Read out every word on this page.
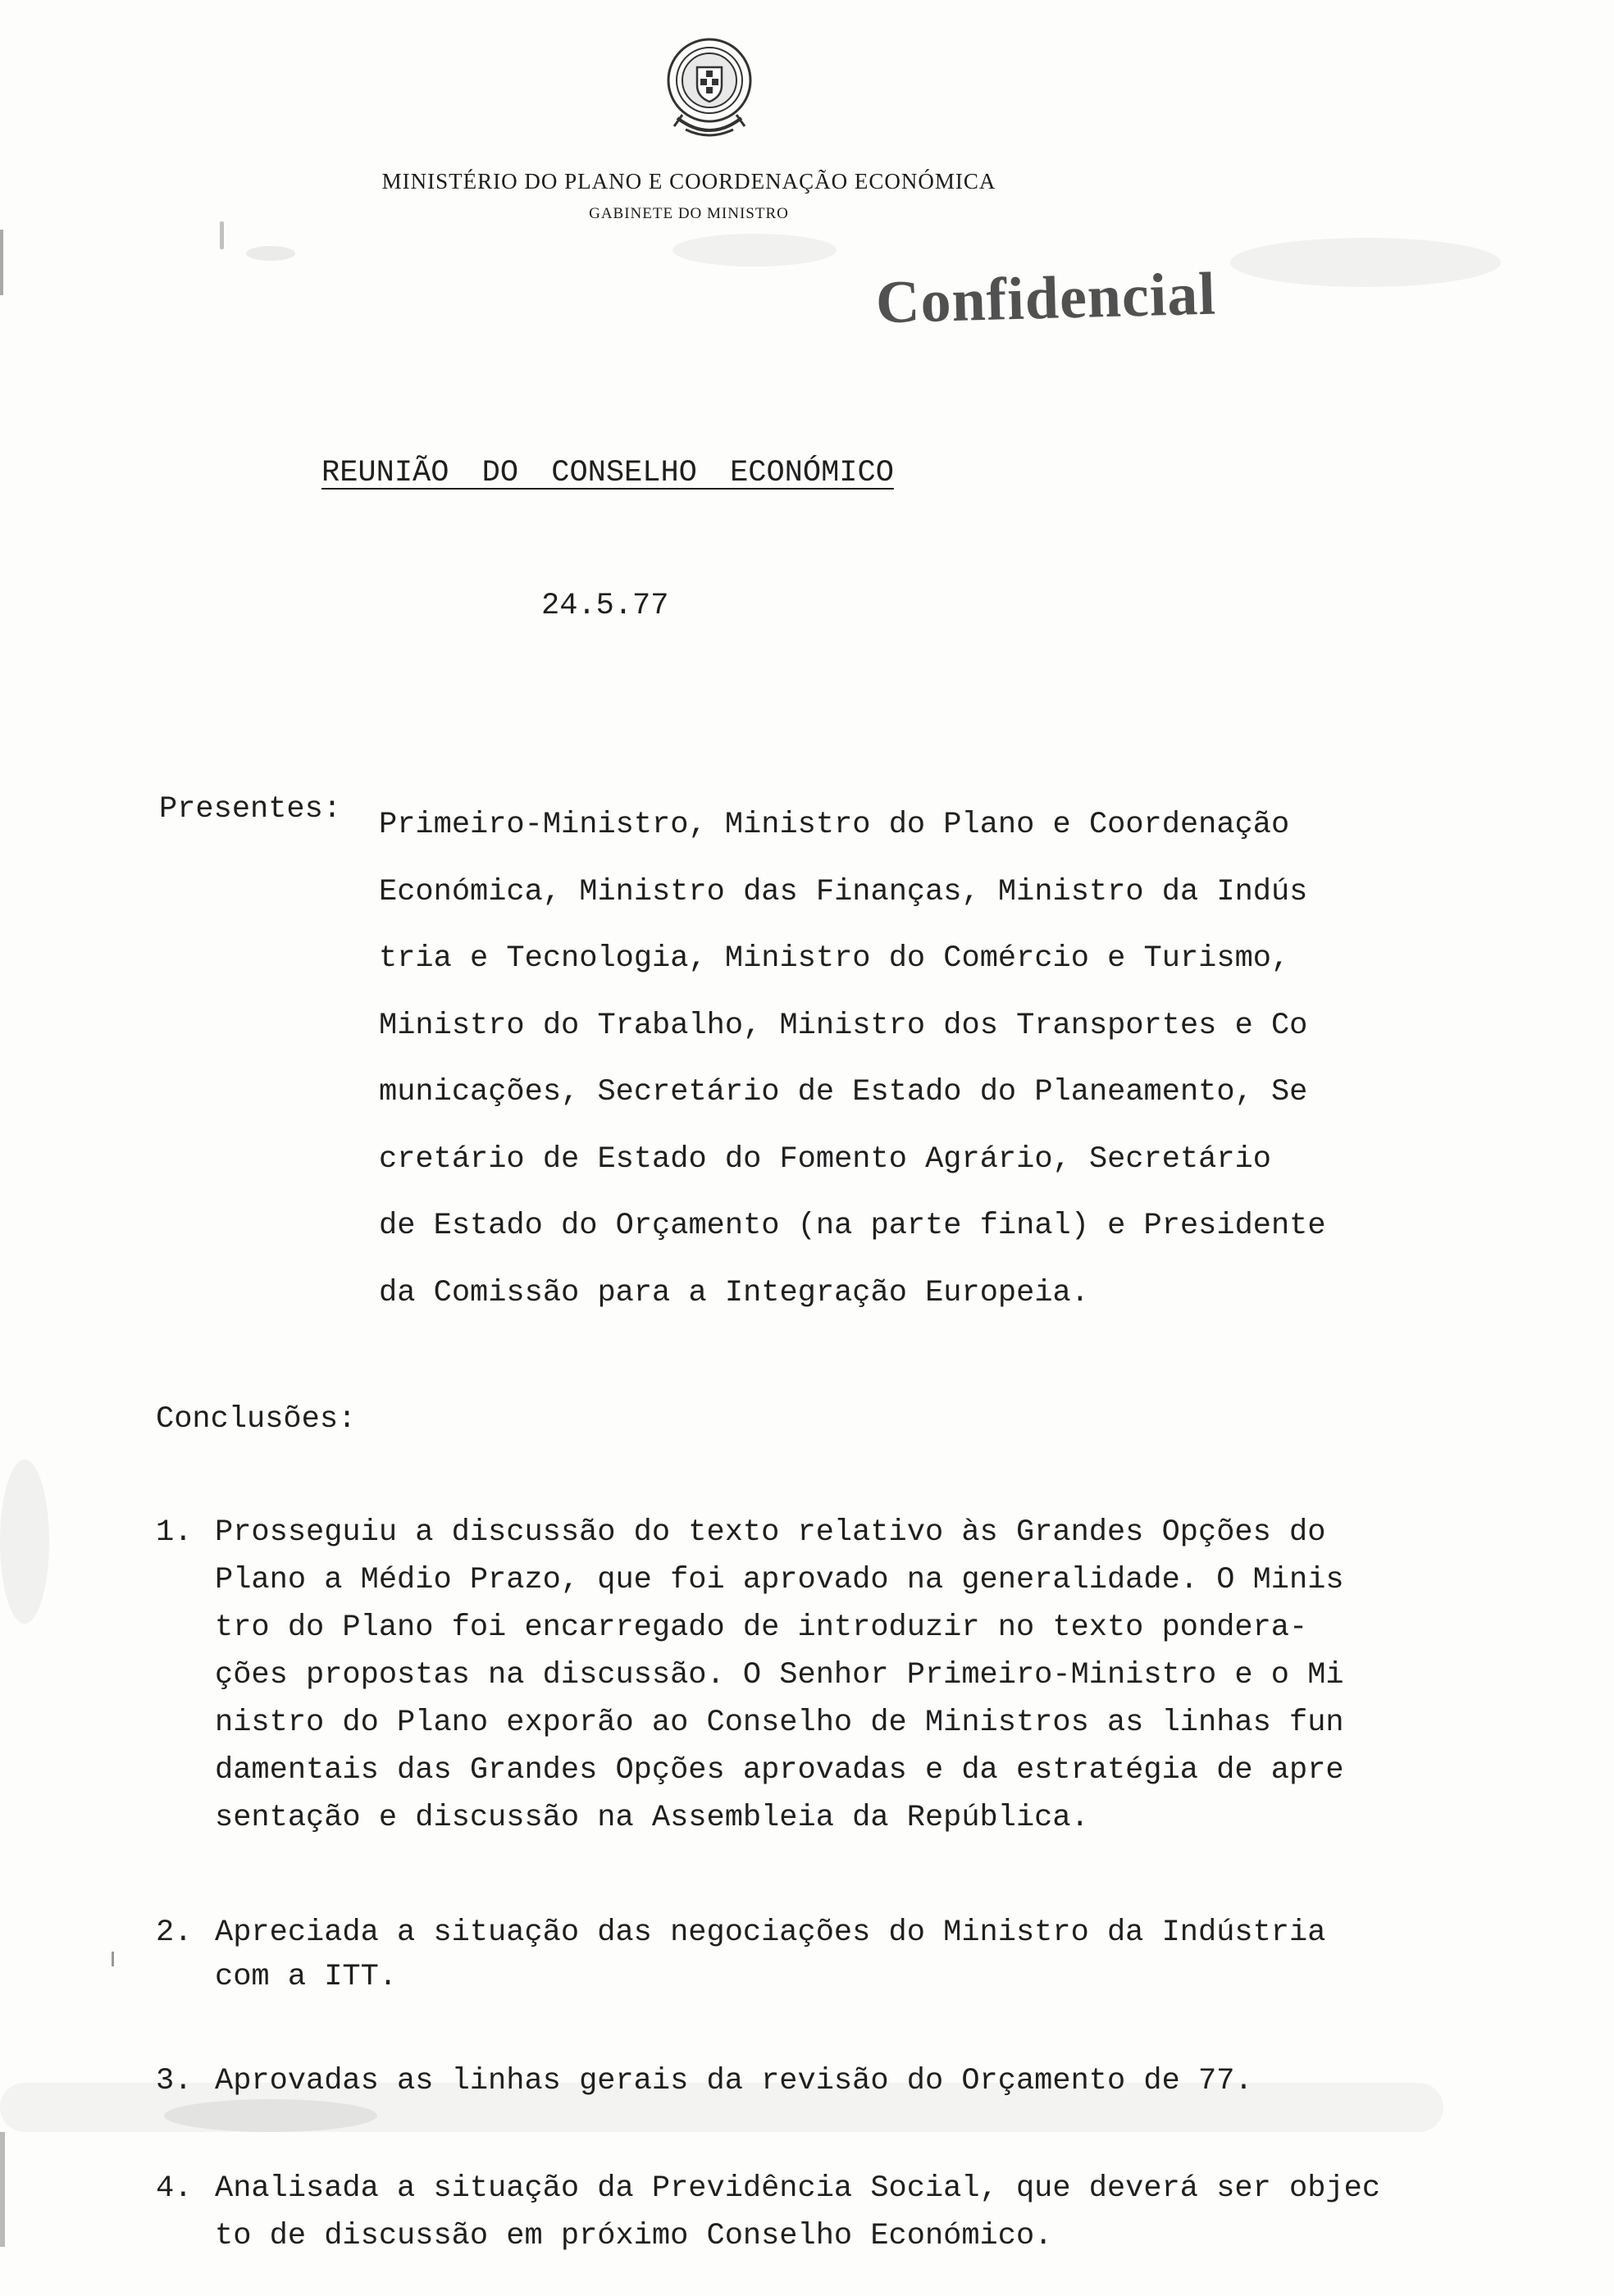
MINISTÉRIO DO PLANO E COORDENAÇÃO ECONÓMICA
GABINETE DO MINISTRO
Confidencial
REUNIÃO DO CONSELHO ECONÓMICO
24.5.77
Presentes: Primeiro-Ministro, Ministro do Plano e Coordenação
Económica, Ministro das Finanças, Ministro da Indús
tria e Tecnologia, Ministro do Comércio e Turismo,
Ministro do Trabalho, Ministro dos Transportes e Co
municações, Secretário de Estado do Planeamento, Se
cretário de Estado do Fomento Agrário, Secretário
de Estado do Orçamento (na parte final) e Presidente
da Comissão para a Integração Europeia.
Conclusões:
1. Prosseguiu a discussão do texto relativo às Grandes Opções do
Plano a Médio Prazo, que foi aprovado na generalidade. O Minis
tro do Plano foi encarregado de introduzir no texto pondera-
ções propostas na discussão. O Senhor Primeiro-Ministro e o Mi
nistro do Plano exporão ao Conselho de Ministros as linhas fun
damentais das Grandes Opções aprovadas e da estratégia de apre
sentação e discussão na Assembleia da República.
2. Apreciada a situação das negociações do Ministro da Indústria
com a ITT.
3. Aprovadas as linhas gerais da revisão do Orçamento de 77.
4. Analisada a situação da Previdência Social, que deverá ser objec
to de discussão em próximo Conselho Económico.
